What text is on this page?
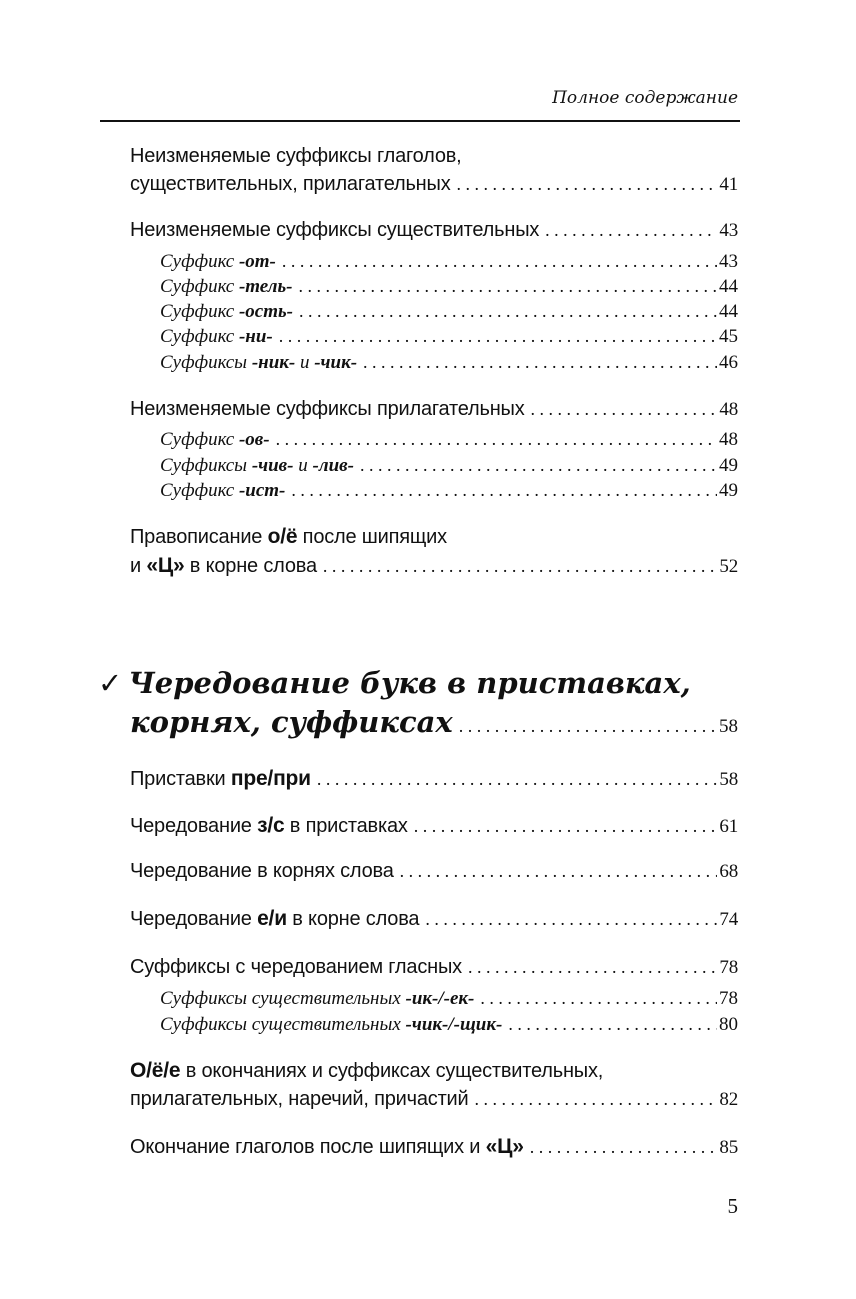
Полное содержание
Неизменяемые суффиксы глаголов,
существительных, прилагательных . . .	41
Неизменяемые суффиксы существительных . . .	43
Суффикс -от- . . .	43
Суффикс -тель- . . .	44
Суффикс -ость- . . .	44
Суффикс -ни- . . .	45
Суффиксы -ник- и -чик- . . .	46
Неизменяемые суффиксы прилагательных . . .	48
Суффикс -ов- . . .	48
Суффиксы -чив- и -лив- . . .	49
Суффикс -ист- . . .	49
Правописание о/ё после шипящих
и «Ц» в корне слова . . .	52
✓ Чередование букв в приставках,
корнях, суффиксах . . .	58
Приставки пре/при . . .	58
Чередование з/с в приставках . . .	61
Чередование в корнях слова . . .	68
Чередование е/и в корне слова . . .	74
Суффиксы с чередованием гласных . . .	78
Суффиксы существительных -ик-/-ек- . . .	78
Суффиксы существительных -чик-/-щик- . . .	80
О/ё/е в окончаниях и суффиксах существительных,
прилагательных, наречий, причастий . . .	82
Окончание глаголов после шипящих и «Ц» . . .	85
5
